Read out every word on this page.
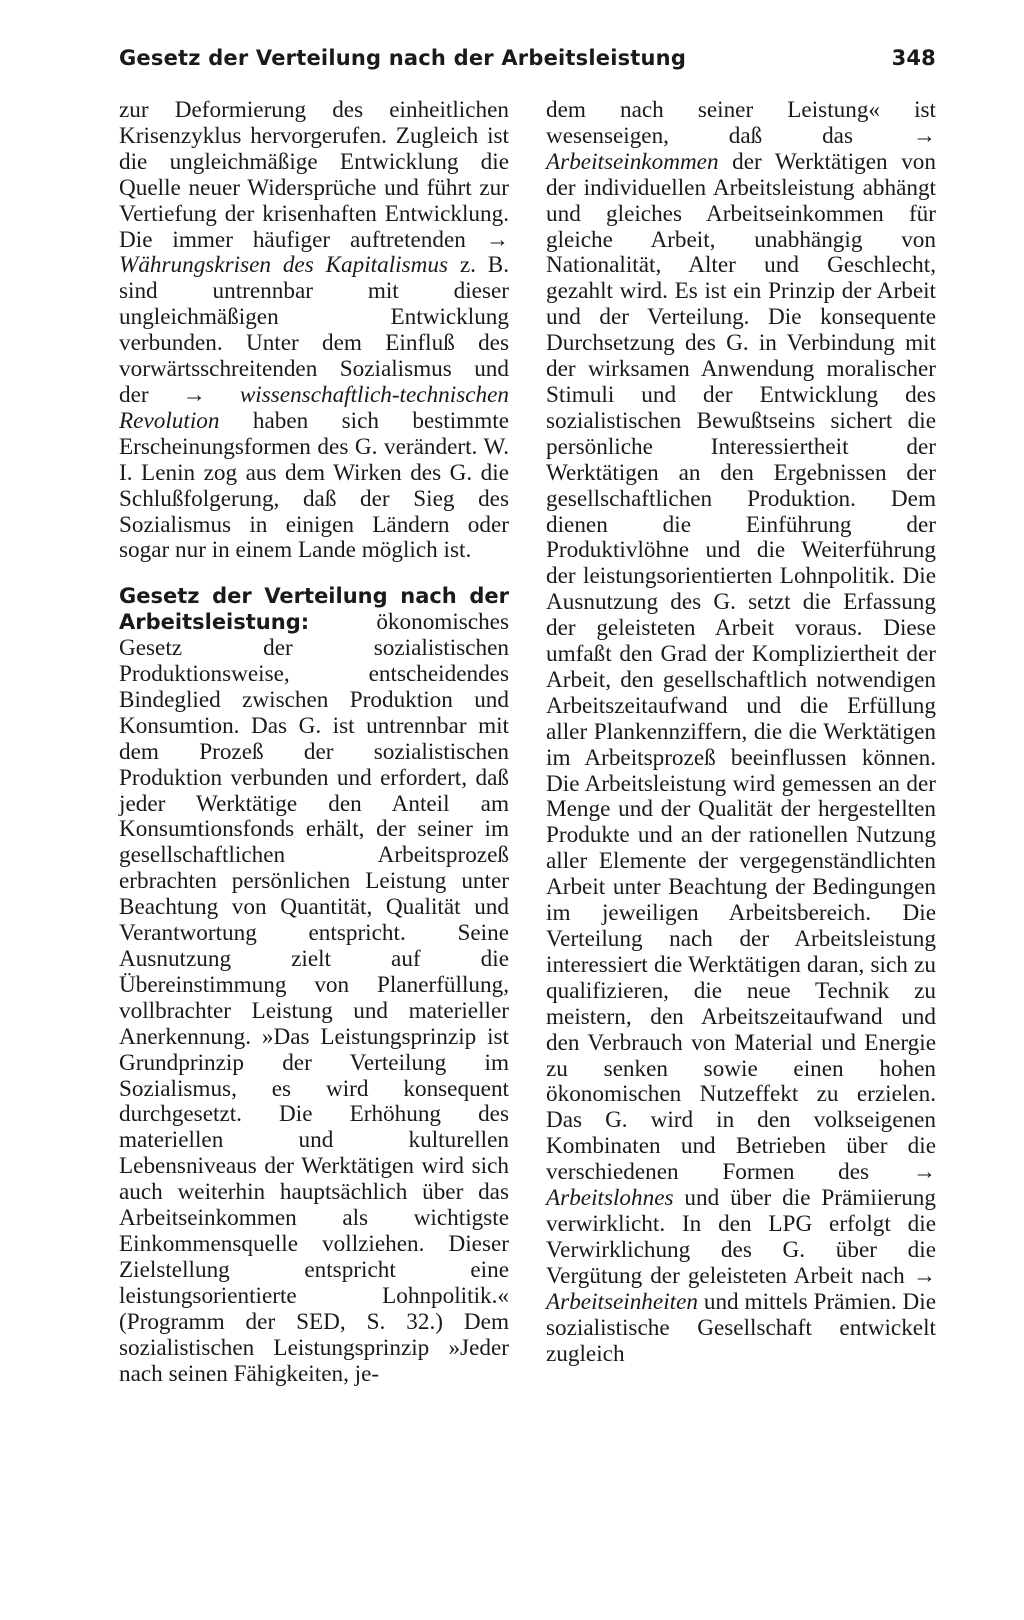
Gesetz der Verteilung nach der Arbeitsleistung	348

zur Deformierung des einheitlichen Krisenzyklus hervorgerufen. Zugleich ist die ungleichmäßige Entwicklung die Quelle neuer Widersprüche und führt zur Vertiefung der krisenhaften Entwicklung. Die immer häufiger auftretenden → Währungskrisen des Kapitalismus z. B. sind untrennbar mit dieser ungleichmäßigen Entwicklung verbunden. Unter dem Einfluß des vorwärtsschreitenden Sozialismus und der → wissenschaftlich-technischen Revolution haben sich bestimmte Erscheinungsformen des G. verändert. W. I. Lenin zog aus dem Wirken des G. die Schlußfolgerung, daß der Sieg des Sozialismus in einigen Ländern oder sogar nur in einem Lande möglich ist.

Gesetz der Verteilung nach der Arbeitsleistung: ökonomisches Gesetz der sozialistischen Produktionsweise, entscheidendes Bindeglied zwischen Produktion und Konsumtion. Das G. ist untrennbar mit dem Prozeß der sozialistischen Produktion verbunden und erfordert, daß jeder Werktätige den Anteil am Konsumtionsfonds erhält, der seiner im gesellschaftlichen Arbeitsprozeß erbrachten persönlichen Leistung unter Beachtung von Quantität, Qualität und Verantwortung entspricht. Seine Ausnutzung zielt auf die Übereinstimmung von Planerfüllung, vollbrachter Leistung und materieller Anerkennung. »Das Leistungsprinzip ist Grundprinzip der Verteilung im Sozialismus, es wird konsequent durchgesetzt. Die Erhöhung des materiellen und kulturellen Lebensniveaus der Werktätigen wird sich auch weiterhin hauptsächlich über das Arbeitseinkommen als wichtigste Einkommensquelle vollziehen. Dieser Zielstellung entspricht eine leistungsorientierte Lohnpolitik.« (Programm der SED, S. 32.) Dem sozialistischen Leistungsprinzip »Jeder nach seinen Fähigkeiten, je-

dem nach seiner Leistung« ist wesenseigen, daß das → Arbeitseinkommen der Werktätigen von der individuellen Arbeitsleistung abhängt und gleiches Arbeitseinkommen für gleiche Arbeit, unabhängig von Nationalität, Alter und Geschlecht, gezahlt wird. Es ist ein Prinzip der Arbeit und der Verteilung. Die konsequente Durchsetzung des G. in Verbindung mit der wirksamen Anwendung moralischer Stimuli und der Entwicklung des sozialistischen Bewußtseins sichert die persönliche Interessiertheit der Werktätigen an den Ergebnissen der gesellschaftlichen Produktion. Dem dienen die Einführung der Produktivlöhne und die Weiterführung der leistungsorientierten Lohnpolitik. Die Ausnutzung des G. setzt die Erfassung der geleisteten Arbeit voraus. Diese umfaßt den Grad der Kompliziertheit der Arbeit, den gesellschaftlich notwendigen Arbeitszeitaufwand und die Erfüllung aller Plankennziffern, die die Werktätigen im Arbeitsprozeß beeinflussen können. Die Arbeitsleistung wird gemessen an der Menge und der Qualität der hergestellten Produkte und an der rationellen Nutzung aller Elemente der vergegenständlichten Arbeit unter Beachtung der Bedingungen im jeweiligen Arbeitsbereich. Die Verteilung nach der Arbeitsleistung interessiert die Werktätigen daran, sich zu qualifizieren, die neue Technik zu meistern, den Arbeitszeitaufwand und den Verbrauch von Material und Energie zu senken sowie einen hohen ökonomischen Nutzeffekt zu erzielen. Das G. wird in den volkseigenen Kombinaten und Betrieben über die verschiedenen Formen des → Arbeitslohnes und über die Prämiierung verwirklicht. In den LPG erfolgt die Verwirklichung des G. über die Vergütung der geleisteten Arbeit nach → Arbeitseinheiten und mittels Prämien. Die sozialistische Gesellschaft entwickelt zugleich
